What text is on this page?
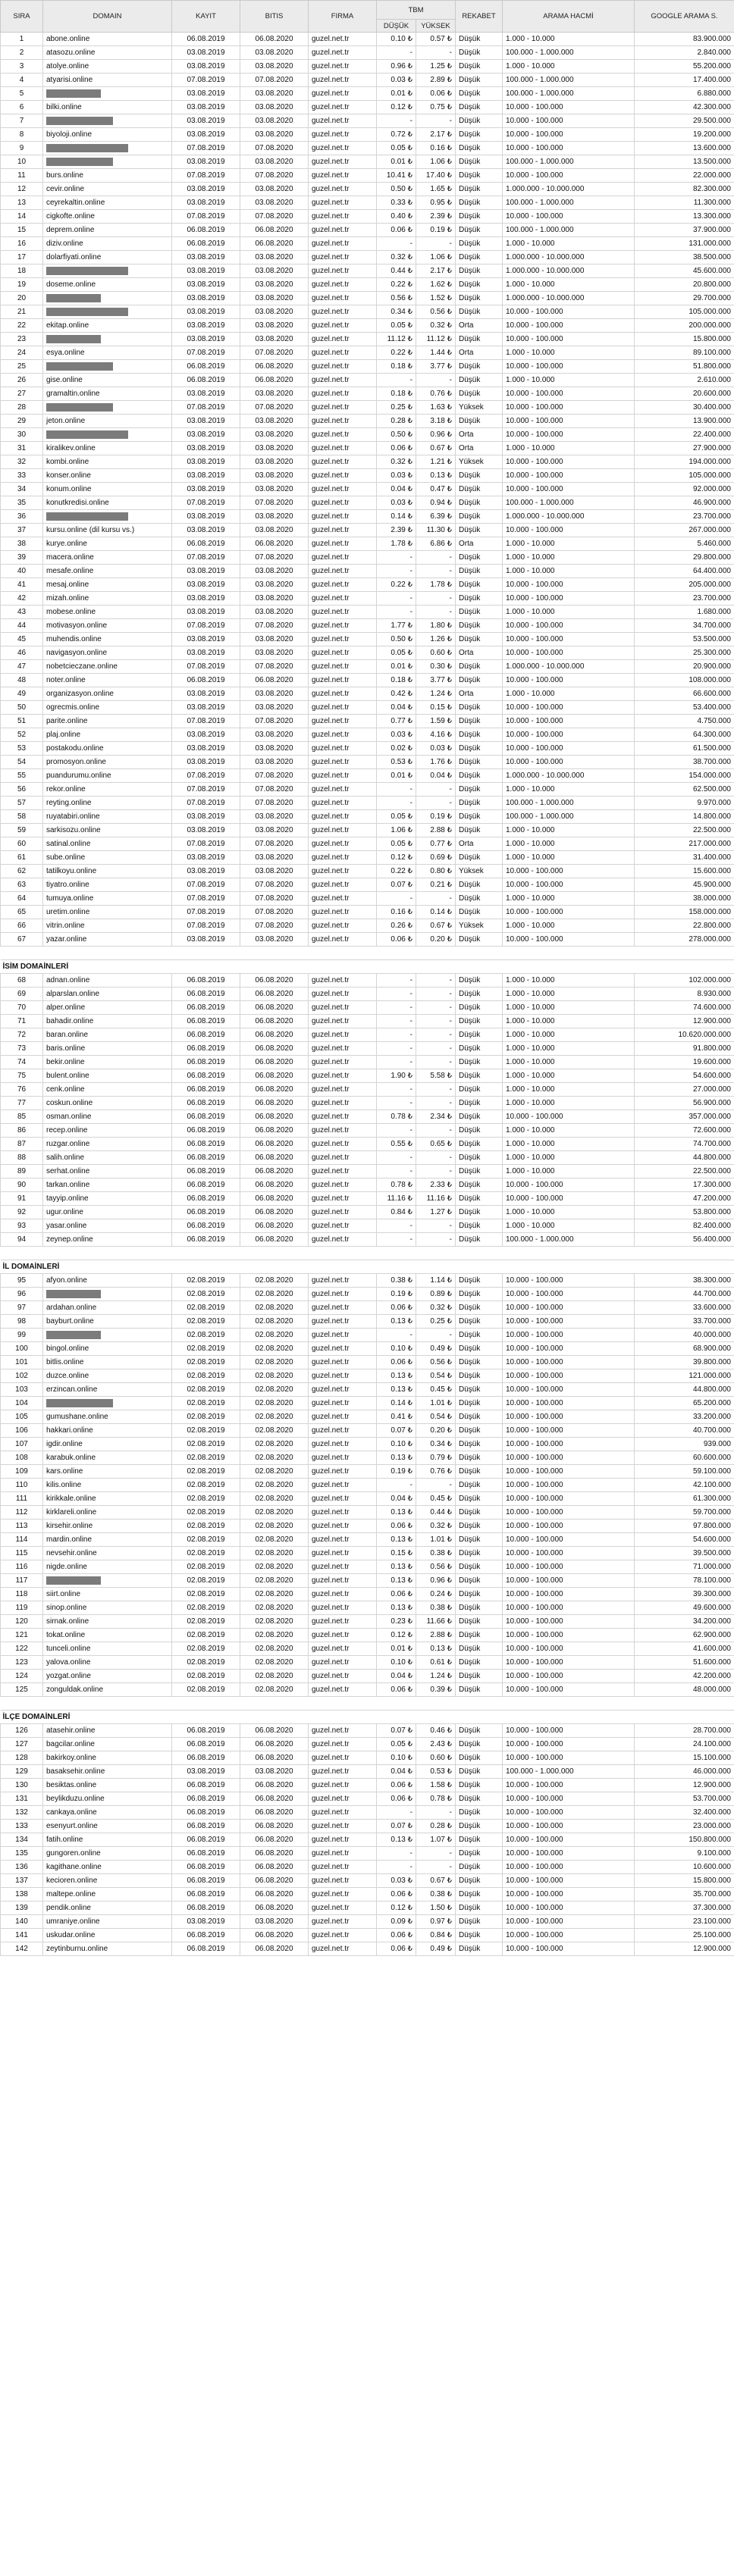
SIRA	DOMAIN	KAYIT	BITIS	FIRMA	TBM		REKABET	ARAMA HACMİ	GOOGLE ARAMA S.
					DÜŞÜK	YÜKSEK			
1	abone.online	06.08.2019	06.08.2020	guzel.net.tr	0.10 ₺	0.57 ₺	Düşük	1.000 - 10.000	83.900.000
2	atasozu.online	03.08.2019	03.08.2020	guzel.net.tr	-	-	Düşük	100.000 - 1.000.000	2.840.000
3	atolye.online	03.08.2019	03.08.2020	guzel.net.tr	0.96 ₺	1.25 ₺	Düşük	1.000 - 10.000	55.200.000
4	atyarisi.online	07.08.2019	07.08.2020	guzel.net.tr	0.03 ₺	2.89 ₺	Düşük	100.000 - 1.000.000	17.400.000
5		03.08.2019	03.08.2020	guzel.net.tr	0.01 ₺	0.06 ₺	Düşük	100.000 - 1.000.000	6.880.000
6	bilki.online	03.08.2019	03.08.2020	guzel.net.tr	0.12 ₺	0.75 ₺	Düşük	10.000 - 100.000	42.300.000
7		03.08.2019	03.08.2020	guzel.net.tr	-	-	Düşük	10.000 - 100.000	29.500.000
8	biyoloji.online	03.08.2019	03.08.2020	guzel.net.tr	0.72 ₺	2.17 ₺	Düşük	10.000 - 100.000	19.200.000
9		07.08.2019	07.08.2020	guzel.net.tr	0.05 ₺	0.16 ₺	Düşük	10.000 - 100.000	13.600.000
10		03.08.2019	03.08.2020	guzel.net.tr	0.01 ₺	1.06 ₺	Düşük	100.000 - 1.000.000	13.500.000
11	burs.online	07.08.2019	07.08.2020	guzel.net.tr	10.41 ₺	17.40 ₺	Düşük	10.000 - 100.000	22.000.000
12	cevir.online	03.08.2019	03.08.2020	guzel.net.tr	0.50 ₺	1.65 ₺	Düşük	1.000.000 - 10.000.000	82.300.000
13	ceyrekaltin.online	03.08.2019	03.08.2020	guzel.net.tr	0.33 ₺	0.95 ₺	Düşük	100.000 - 1.000.000	11.300.000
14	cigkofte.online	07.08.2019	07.08.2020	guzel.net.tr	0.40 ₺	2.39 ₺	Düşük	10.000 - 100.000	13.300.000
15	deprem.online	06.08.2019	06.08.2020	guzel.net.tr	0.06 ₺	0.19 ₺	Düşük	100.000 - 1.000.000	37.900.000
16	diziv.online	06.08.2019	06.08.2020	guzel.net.tr	-	-	Düşük	1.000 - 10.000	131.000.000
17	dolarfiyati.online	03.08.2019	03.08.2020	guzel.net.tr	0.32 ₺	1.06 ₺	Düşük	1.000.000 - 10.000.000	38.500.000
18		03.08.2019	03.08.2020	guzel.net.tr	0.44 ₺	2.17 ₺	Düşük	1.000.000 - 10.000.000	45.600.000
19	doseme.online	03.08.2019	03.08.2020	guzel.net.tr	0.22 ₺	1.62 ₺	Düşük	1.000 - 10.000	20.800.000
20		03.08.2019	03.08.2020	guzel.net.tr	0.56 ₺	1.52 ₺	Düşük	1.000.000 - 10.000.000	29.700.000
21		03.08.2019	03.08.2020	guzel.net.tr	0.34 ₺	0.56 ₺	Düşük	10.000 - 100.000	105.000.000
22	ekitap.online	03.08.2019	03.08.2020	guzel.net.tr	0.05 ₺	0.32 ₺	Orta	10.000 - 100.000	200.000.000
23		03.08.2019	03.08.2020	guzel.net.tr	11.12 ₺	11.12 ₺	Düşük	10.000 - 100.000	15.800.000
24	esya.online	07.08.2019	07.08.2020	guzel.net.tr	0.22 ₺	1.44 ₺	Orta	1.000 - 10.000	89.100.000
25		06.08.2019	06.08.2020	guzel.net.tr	0.18 ₺	3.77 ₺	Düşük	10.000 - 100.000	51.800.000
26	gise.online	06.08.2019	06.08.2020	guzel.net.tr	-	-	Düşük	1.000 - 10.000	2.610.000
27	gramaltin.online	03.08.2019	03.08.2020	guzel.net.tr	0.18 ₺	0.76 ₺	Düşük	10.000 - 100.000	20.600.000
28		07.08.2019	07.08.2020	guzel.net.tr	0.25 ₺	1.63 ₺	Yüksek	10.000 - 100.000	30.400.000
29	jeton.online	03.08.2019	03.08.2020	guzel.net.tr	0.28 ₺	3.18 ₺	Düşük	10.000 - 100.000	13.900.000
30		03.08.2019	03.08.2020	guzel.net.tr	0.50 ₺	0.96 ₺	Orta	10.000 - 100.000	22.400.000
31	kiralikev.online	03.08.2019	03.08.2020	guzel.net.tr	0.06 ₺	0.67 ₺	Orta	1.000 - 10.000	27.900.000
32	kombi.online	03.08.2019	03.08.2020	guzel.net.tr	0.32 ₺	1.21 ₺	Yüksek	10.000 - 100.000	194.000.000
33	konser.online	03.08.2019	03.08.2020	guzel.net.tr	0.03 ₺	0.13 ₺	Düşük	10.000 - 100.000	105.000.000
34	konum.online	03.08.2019	03.08.2020	guzel.net.tr	0.04 ₺	0.47 ₺	Düşük	10.000 - 100.000	92.000.000
35	konutkredisi.online	07.08.2019	07.08.2020	guzel.net.tr	0.03 ₺	0.94 ₺	Düşük	100.000 - 1.000.000	46.900.000
36		03.08.2019	03.08.2020	guzel.net.tr	0.14 ₺	6.39 ₺	Düşük	1.000.000 - 10.000.000	23.700.000
37	kursu.online (dil kursu vs.)	03.08.2019	03.08.2020	guzel.net.tr	2.39 ₺	11.30 ₺	Düşük	10.000 - 100.000	267.000.000
38	kurye.online	06.08.2019	06.08.2020	guzel.net.tr	1.78 ₺	6.86 ₺	Orta	1.000 - 10.000	5.460.000
39	macera.online	07.08.2019	07.08.2020	guzel.net.tr	-	-	Düşük	1.000 - 10.000	29.800.000
40	mesafe.online	03.08.2019	03.08.2020	guzel.net.tr	-	-	Düşük	1.000 - 10.000	64.400.000
41	mesaj.online	03.08.2019	03.08.2020	guzel.net.tr	0.22 ₺	1.78 ₺	Düşük	10.000 - 100.000	205.000.000
42	mizah.online	03.08.2019	03.08.2020	guzel.net.tr	-	-	Düşük	10.000 - 100.000	23.700.000
43	mobese.online	03.08.2019	03.08.2020	guzel.net.tr	-	-	Düşük	1.000 - 10.000	1.680.000
44	motivasyon.online	07.08.2019	07.08.2020	guzel.net.tr	1.77 ₺	1.80 ₺	Düşük	10.000 - 100.000	34.700.000
45	muhendis.online	03.08.2019	03.08.2020	guzel.net.tr	0.50 ₺	1.26 ₺	Düşük	10.000 - 100.000	53.500.000
46	navigasyon.online	03.08.2019	03.08.2020	guzel.net.tr	0.05 ₺	0.60 ₺	Orta	10.000 - 100.000	25.300.000
47	nobetcieczane.online	07.08.2019	07.08.2020	guzel.net.tr	0.01 ₺	0.30 ₺	Düşük	1.000.000 - 10.000.000	20.900.000
48	noter.online	06.08.2019	06.08.2020	guzel.net.tr	0.18 ₺	3.77 ₺	Düşük	10.000 - 100.000	108.000.000
49	organizasyon.online	03.08.2019	03.08.2020	guzel.net.tr	0.42 ₺	1.24 ₺	Orta	1.000 - 10.000	66.600.000
50	ogrecmis.online	03.08.2019	03.08.2020	guzel.net.tr	0.04 ₺	0.15 ₺	Düşük	10.000 - 100.000	53.400.000
51	parite.online	07.08.2019	07.08.2020	guzel.net.tr	0.77 ₺	1.59 ₺	Düşük	10.000 - 100.000	4.750.000
52	plaj.online	03.08.2019	03.08.2020	guzel.net.tr	0.03 ₺	4.16 ₺	Düşük	10.000 - 100.000	64.300.000
53	postakodu.online	03.08.2019	03.08.2020	guzel.net.tr	0.02 ₺	0.03 ₺	Düşük	10.000 - 100.000	61.500.000
54	promosyon.online	03.08.2019	03.08.2020	guzel.net.tr	0.53 ₺	1.76 ₺	Düşük	10.000 - 100.000	38.700.000
55	puandurumu.online	07.08.2019	07.08.2020	guzel.net.tr	0.01 ₺	0.04 ₺	Düşük	1.000.000 - 10.000.000	154.000.000
56	rekor.online	07.08.2019	07.08.2020	guzel.net.tr	-	-	Düşük	1.000 - 10.000	62.500.000
57	reyting.online	07.08.2019	07.08.2020	guzel.net.tr	-	-	Düşük	100.000 - 1.000.000	9.970.000
58	ruyatabiri.online	03.08.2019	03.08.2020	guzel.net.tr	0.05 ₺	0.19 ₺	Düşük	100.000 - 1.000.000	14.800.000
59	sarkisozu.online	03.08.2019	03.08.2020	guzel.net.tr	1.06 ₺	2.88 ₺	Düşük	1.000 - 10.000	22.500.000
60	satinal.online	07.08.2019	07.08.2020	guzel.net.tr	0.05 ₺	0.77 ₺	Orta	1.000 - 10.000	217.000.000
61	sube.online	03.08.2019	03.08.2020	guzel.net.tr	0.12 ₺	0.69 ₺	Düşük	1.000 - 10.000	31.400.000
62	tatilkoyu.online	03.08.2019	03.08.2020	guzel.net.tr	0.22 ₺	0.80 ₺	Yüksek	10.000 - 100.000	15.600.000
63	tiyatro.online	07.08.2019	07.08.2020	guzel.net.tr	0.07 ₺	0.21 ₺	Düşük	10.000 - 100.000	45.900.000
64	tumuya.online	07.08.2019	07.08.2020	guzel.net.tr	-	-	Düşük	1.000 - 10.000	38.000.000
65	uretim.online	07.08.2019	07.08.2020	guzel.net.tr	0.16 ₺	0.14 ₺	Düşük	10.000 - 100.000	158.000.000
66	vitrin.online	07.08.2019	07.08.2020	guzel.net.tr	0.26 ₺	0.67 ₺	Yüksek	1.000 - 10.000	22.800.000
67	yazar.online	03.08.2019	03.08.2020	guzel.net.tr	0.06 ₺	0.20 ₺	Düşük	10.000 - 100.000	278.000.000

İSİM DOMAİNLERİ									
68	adnan.online	06.08.2019	06.08.2020	guzel.net.tr	-	-	Düşük	1.000 - 10.000	102.000.000
69	alparslan.online	06.08.2019	06.08.2020	guzel.net.tr	-	-	Düşük	1.000 - 10.000	8.930.000
70	alper.online	06.08.2019	06.08.2020	guzel.net.tr	-	-	Düşük	1.000 - 10.000	74.600.000
71	bahadir.online	06.08.2019	06.08.2020	guzel.net.tr	-	-	Düşük	1.000 - 10.000	12.900.000
72	baran.online	06.08.2019	06.08.2020	guzel.net.tr	-	-	Düşük	1.000 - 10.000	10.620.000.000
73	baris.online	06.08.2019	06.08.2020	guzel.net.tr	-	-	Düşük	1.000 - 10.000	91.800.000
74	bekir.online	06.08.2019	06.08.2020	guzel.net.tr	-	-	Düşük	1.000 - 10.000	19.600.000
75	bulent.online	06.08.2019	06.08.2020	guzel.net.tr	1.90 ₺	5.58 ₺	Düşük	1.000 - 10.000	54.600.000
76	cenk.online	06.08.2019	06.08.2020	guzel.net.tr	-	-	Düşük	1.000 - 10.000	27.000.000
77	coskun.online	06.08.2019	06.08.2020	guzel.net.tr	-	-	Düşük	1.000 - 10.000	56.900.000
85	osman.online	06.08.2019	06.08.2020	guzel.net.tr	0.78 ₺	2.34 ₺	Düşük	10.000 - 100.000	357.000.000
86	recep.online	06.08.2019	06.08.2020	guzel.net.tr	-	-	Düşük	1.000 - 10.000	72.600.000
87	ruzgar.online	06.08.2019	06.08.2020	guzel.net.tr	0.55 ₺	0.65 ₺	Düşük	1.000 - 10.000	74.700.000
88	salih.online	06.08.2019	06.08.2020	guzel.net.tr	-	-	Düşük	1.000 - 10.000	44.800.000
89	serhat.online	06.08.2019	06.08.2020	guzel.net.tr	-	-	Düşük	1.000 - 10.000	22.500.000
90	tarkan.online	06.08.2019	06.08.2020	guzel.net.tr	0.78 ₺	2.33 ₺	Düşük	10.000 - 100.000	17.300.000
91	tayyip.online	06.08.2019	06.08.2020	guzel.net.tr	11.16 ₺	11.16 ₺	Düşük	10.000 - 100.000	47.200.000
92	ugur.online	06.08.2019	06.08.2020	guzel.net.tr	0.84 ₺	1.27 ₺	Düşük	1.000 - 10.000	53.800.000
93	yasar.online	06.08.2019	06.08.2020	guzel.net.tr	-	-	Düşük	1.000 - 10.000	82.400.000
94	zeynep.online	06.08.2019	06.08.2020	guzel.net.tr	-	-	Düşük	100.000 - 1.000.000	56.400.000

İL DOMAİNLERİ									
95	afyon.online	02.08.2019	02.08.2020	guzel.net.tr	0.38 ₺	1.14 ₺	Düşük	10.000 - 100.000	38.300.000
96		02.08.2019	02.08.2020	guzel.net.tr	0.19 ₺	0.89 ₺	Düşük	10.000 - 100.000	44.700.000
97	ardahan.online	02.08.2019	02.08.2020	guzel.net.tr	0.06 ₺	0.32 ₺	Düşük	10.000 - 100.000	33.600.000
98	bayburt.online	02.08.2019	02.08.2020	guzel.net.tr	0.13 ₺	0.25 ₺	Düşük	10.000 - 100.000	33.700.000
99		02.08.2019	02.08.2020	guzel.net.tr	-	-	Düşük	10.000 - 100.000	40.000.000
100	bingol.online	02.08.2019	02.08.2020	guzel.net.tr	0.10 ₺	0.49 ₺	Düşük	10.000 - 100.000	68.900.000
101	bitlis.online	02.08.2019	02.08.2020	guzel.net.tr	0.06 ₺	0.56 ₺	Düşük	10.000 - 100.000	39.800.000
102	duzce.online	02.08.2019	02.08.2020	guzel.net.tr	0.13 ₺	0.54 ₺	Düşük	10.000 - 100.000	121.000.000
103	erzincan.online	02.08.2019	02.08.2020	guzel.net.tr	0.13 ₺	0.45 ₺	Düşük	10.000 - 100.000	44.800.000
104		02.08.2019	02.08.2020	guzel.net.tr	0.14 ₺	1.01 ₺	Düşük	10.000 - 100.000	65.200.000
105	gumushane.online	02.08.2019	02.08.2020	guzel.net.tr	0.41 ₺	0.54 ₺	Düşük	10.000 - 100.000	33.200.000
106	hakkari.online	02.08.2019	02.08.2020	guzel.net.tr	0.07 ₺	0.20 ₺	Düşük	10.000 - 100.000	40.700.000
107	igdir.online	02.08.2019	02.08.2020	guzel.net.tr	0.10 ₺	0.34 ₺	Düşük	10.000 - 100.000	939.000
108	karabuk.online	02.08.2019	02.08.2020	guzel.net.tr	0.13 ₺	0.79 ₺	Düşük	10.000 - 100.000	60.600.000
109	kars.online	02.08.2019	02.08.2020	guzel.net.tr	0.19 ₺	0.76 ₺	Düşük	10.000 - 100.000	59.100.000
110	kilis.online	02.08.2019	02.08.2020	guzel.net.tr	-	-	Düşük	10.000 - 100.000	42.100.000
111	kirikkale.online	02.08.2019	02.08.2020	guzel.net.tr	0.04 ₺	0.45 ₺	Düşük	10.000 - 100.000	61.300.000
112	kirklareli.online	02.08.2019	02.08.2020	guzel.net.tr	0.13 ₺	0.44 ₺	Düşük	10.000 - 100.000	59.700.000
113	kirsehir.online	02.08.2019	02.08.2020	guzel.net.tr	0.06 ₺	0.32 ₺	Düşük	10.000 - 100.000	97.800.000
114	mardin.online	02.08.2019	02.08.2020	guzel.net.tr	0.13 ₺	1.01 ₺	Düşük	10.000 - 100.000	54.600.000
115	nevsehir.online	02.08.2019	02.08.2020	guzel.net.tr	0.15 ₺	0.38 ₺	Düşük	10.000 - 100.000	39.500.000
116	nigde.online	02.08.2019	02.08.2020	guzel.net.tr	0.13 ₺	0.56 ₺	Düşük	10.000 - 100.000	71.000.000
117		02.08.2019	02.08.2020	guzel.net.tr	0.13 ₺	0.96 ₺	Düşük	10.000 - 100.000	78.100.000
118	siirt.online	02.08.2019	02.08.2020	guzel.net.tr	0.06 ₺	0.24 ₺	Düşük	10.000 - 100.000	39.300.000
119	sinop.online	02.08.2019	02.08.2020	guzel.net.tr	0.13 ₺	0.38 ₺	Düşük	10.000 - 100.000	49.600.000
120	sirnak.online	02.08.2019	02.08.2020	guzel.net.tr	0.23 ₺	11.66 ₺	Düşük	10.000 - 100.000	34.200.000
121	tokat.online	02.08.2019	02.08.2020	guzel.net.tr	0.12 ₺	2.88 ₺	Düşük	10.000 - 100.000	62.900.000
122	tunceli.online	02.08.2019	02.08.2020	guzel.net.tr	0.01 ₺	0.13 ₺	Düşük	10.000 - 100.000	41.600.000
123	yalova.online	02.08.2019	02.08.2020	guzel.net.tr	0.10 ₺	0.61 ₺	Düşük	10.000 - 100.000	51.600.000
124	yozgat.online	02.08.2019	02.08.2020	guzel.net.tr	0.04 ₺	1.24 ₺	Düşük	10.000 - 100.000	42.200.000
125	zonguldak.online	02.08.2019	02.08.2020	guzel.net.tr	0.06 ₺	0.39 ₺	Düşük	10.000 - 100.000	48.000.000

İLÇE DOMAİNLERİ									
126	atasehir.online	06.08.2019	06.08.2020	guzel.net.tr	0.07 ₺	0.46 ₺	Düşük	10.000 - 100.000	28.700.000
127	bagcilar.online	06.08.2019	06.08.2020	guzel.net.tr	0.05 ₺	2.43 ₺	Düşük	10.000 - 100.000	24.100.000
128	bakirkoy.online	06.08.2019	06.08.2020	guzel.net.tr	0.10 ₺	0.60 ₺	Düşük	10.000 - 100.000	15.100.000
129	basaksehir.online	03.08.2019	03.08.2020	guzel.net.tr	0.04 ₺	0.53 ₺	Düşük	100.000 - 1.000.000	46.000.000
130	besiktas.online	06.08.2019	06.08.2020	guzel.net.tr	0.06 ₺	1.58 ₺	Düşük	10.000 - 100.000	12.900.000
131	beylikduzu.online	06.08.2019	06.08.2020	guzel.net.tr	0.06 ₺	0.78 ₺	Düşük	10.000 - 100.000	53.700.000
132	cankaya.online	06.08.2019	06.08.2020	guzel.net.tr	-	-	Düşük	10.000 - 100.000	32.400.000
133	esenyurt.online	06.08.2019	06.08.2020	guzel.net.tr	0.07 ₺	0.28 ₺	Düşük	10.000 - 100.000	23.000.000
134	fatih.online	06.08.2019	06.08.2020	guzel.net.tr	0.13 ₺	1.07 ₺	Düşük	10.000 - 100.000	150.800.000
135	gungoren.online	06.08.2019	06.08.2020	guzel.net.tr	-	-	Düşük	10.000 - 100.000	9.100.000
136	kagithane.online	06.08.2019	06.08.2020	guzel.net.tr	-	-	Düşük	10.000 - 100.000	10.600.000
137	kecioren.online	06.08.2019	06.08.2020	guzel.net.tr	0.03 ₺	0.67 ₺	Düşük	10.000 - 100.000	15.800.000
138	maltepe.online	06.08.2019	06.08.2020	guzel.net.tr	0.06 ₺	0.38 ₺	Düşük	10.000 - 100.000	35.700.000
139	pendik.online	06.08.2019	06.08.2020	guzel.net.tr	0.12 ₺	1.50 ₺	Düşük	10.000 - 100.000	37.300.000
140	umraniye.online	03.08.2019	03.08.2020	guzel.net.tr	0.09 ₺	0.97 ₺	Düşük	10.000 - 100.000	23.100.000
141	uskudar.online	06.08.2019	06.08.2020	guzel.net.tr	0.06 ₺	0.84 ₺	Düşük	10.000 - 100.000	25.100.000
142	zeytinburnu.online	06.08.2019	06.08.2020	guzel.net.tr	0.06 ₺	0.49 ₺	Düşük	10.000 - 100.000	12.900.000
